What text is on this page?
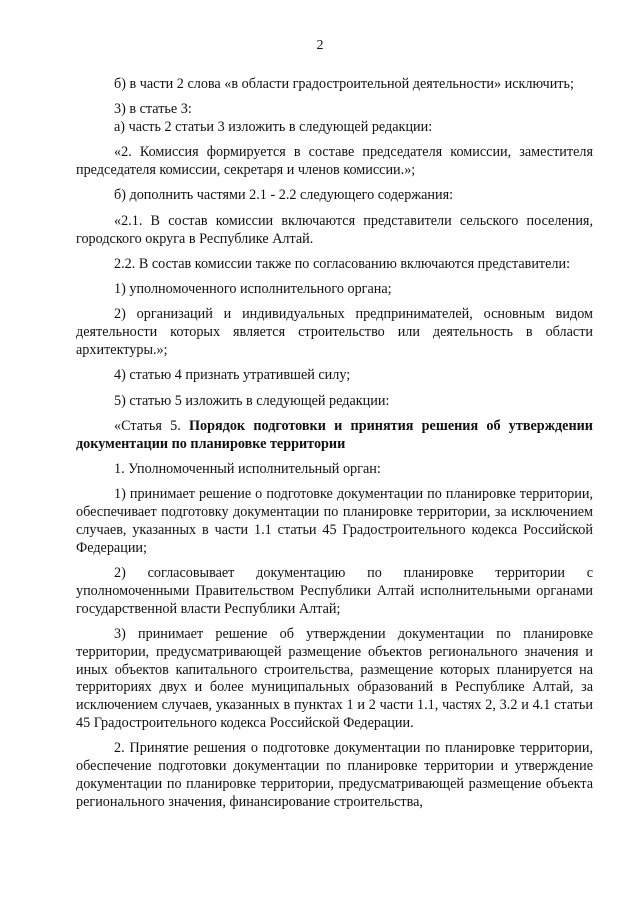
2

б) в части 2 слова «в области градостроительной деятельности» исключить;

3) в статье 3:

а) часть 2 статьи 3 изложить в следующей редакции:

«2. Комиссия формируется в составе председателя комиссии, заместителя председателя комиссии, секретаря и членов комиссии.»;

б) дополнить частями 2.1 - 2.2 следующего содержания:

«2.1. В состав комиссии включаются представители сельского поселения, городского округа в Республике Алтай.

2.2. В состав комиссии также по согласованию включаются представители:

1) уполномоченного исполнительного органа;

2) организаций и индивидуальных предпринимателей, основным видом деятельности которых является строительство или деятельность в области архитектуры.»;

4) статью 4 признать утратившей силу;

5) статью 5 изложить в следующей редакции:

«Статья 5. Порядок подготовки и принятия решения об утверждении документации по планировке территории

1. Уполномоченный исполнительный орган:

1) принимает решение о подготовке документации по планировке территории, обеспечивает подготовку документации по планировке территории, за исключением случаев, указанных в части 1.1 статьи 45 Градостроительного кодекса Российской Федерации;

2) согласовывает документацию по планировке территории с уполномоченными Правительством Республики Алтай исполнительными органами государственной власти Республики Алтай;

3) принимает решение об утверждении документации по планировке территории, предусматривающей размещение объектов регионального значения и иных объектов капитального строительства, размещение которых планируется на территориях двух и более муниципальных образований в Республике Алтай, за исключением случаев, указанных в пунктах 1 и 2 части 1.1, частях 2, 3.2 и 4.1 статьи 45 Градостроительного кодекса Российской Федерации.

2. Принятие решения о подготовке документации по планировке территории, обеспечение подготовки документации по планировке территории и утверждение документации по планировке территории, предусматривающей размещение объекта регионального значения, финансирование строительства,
